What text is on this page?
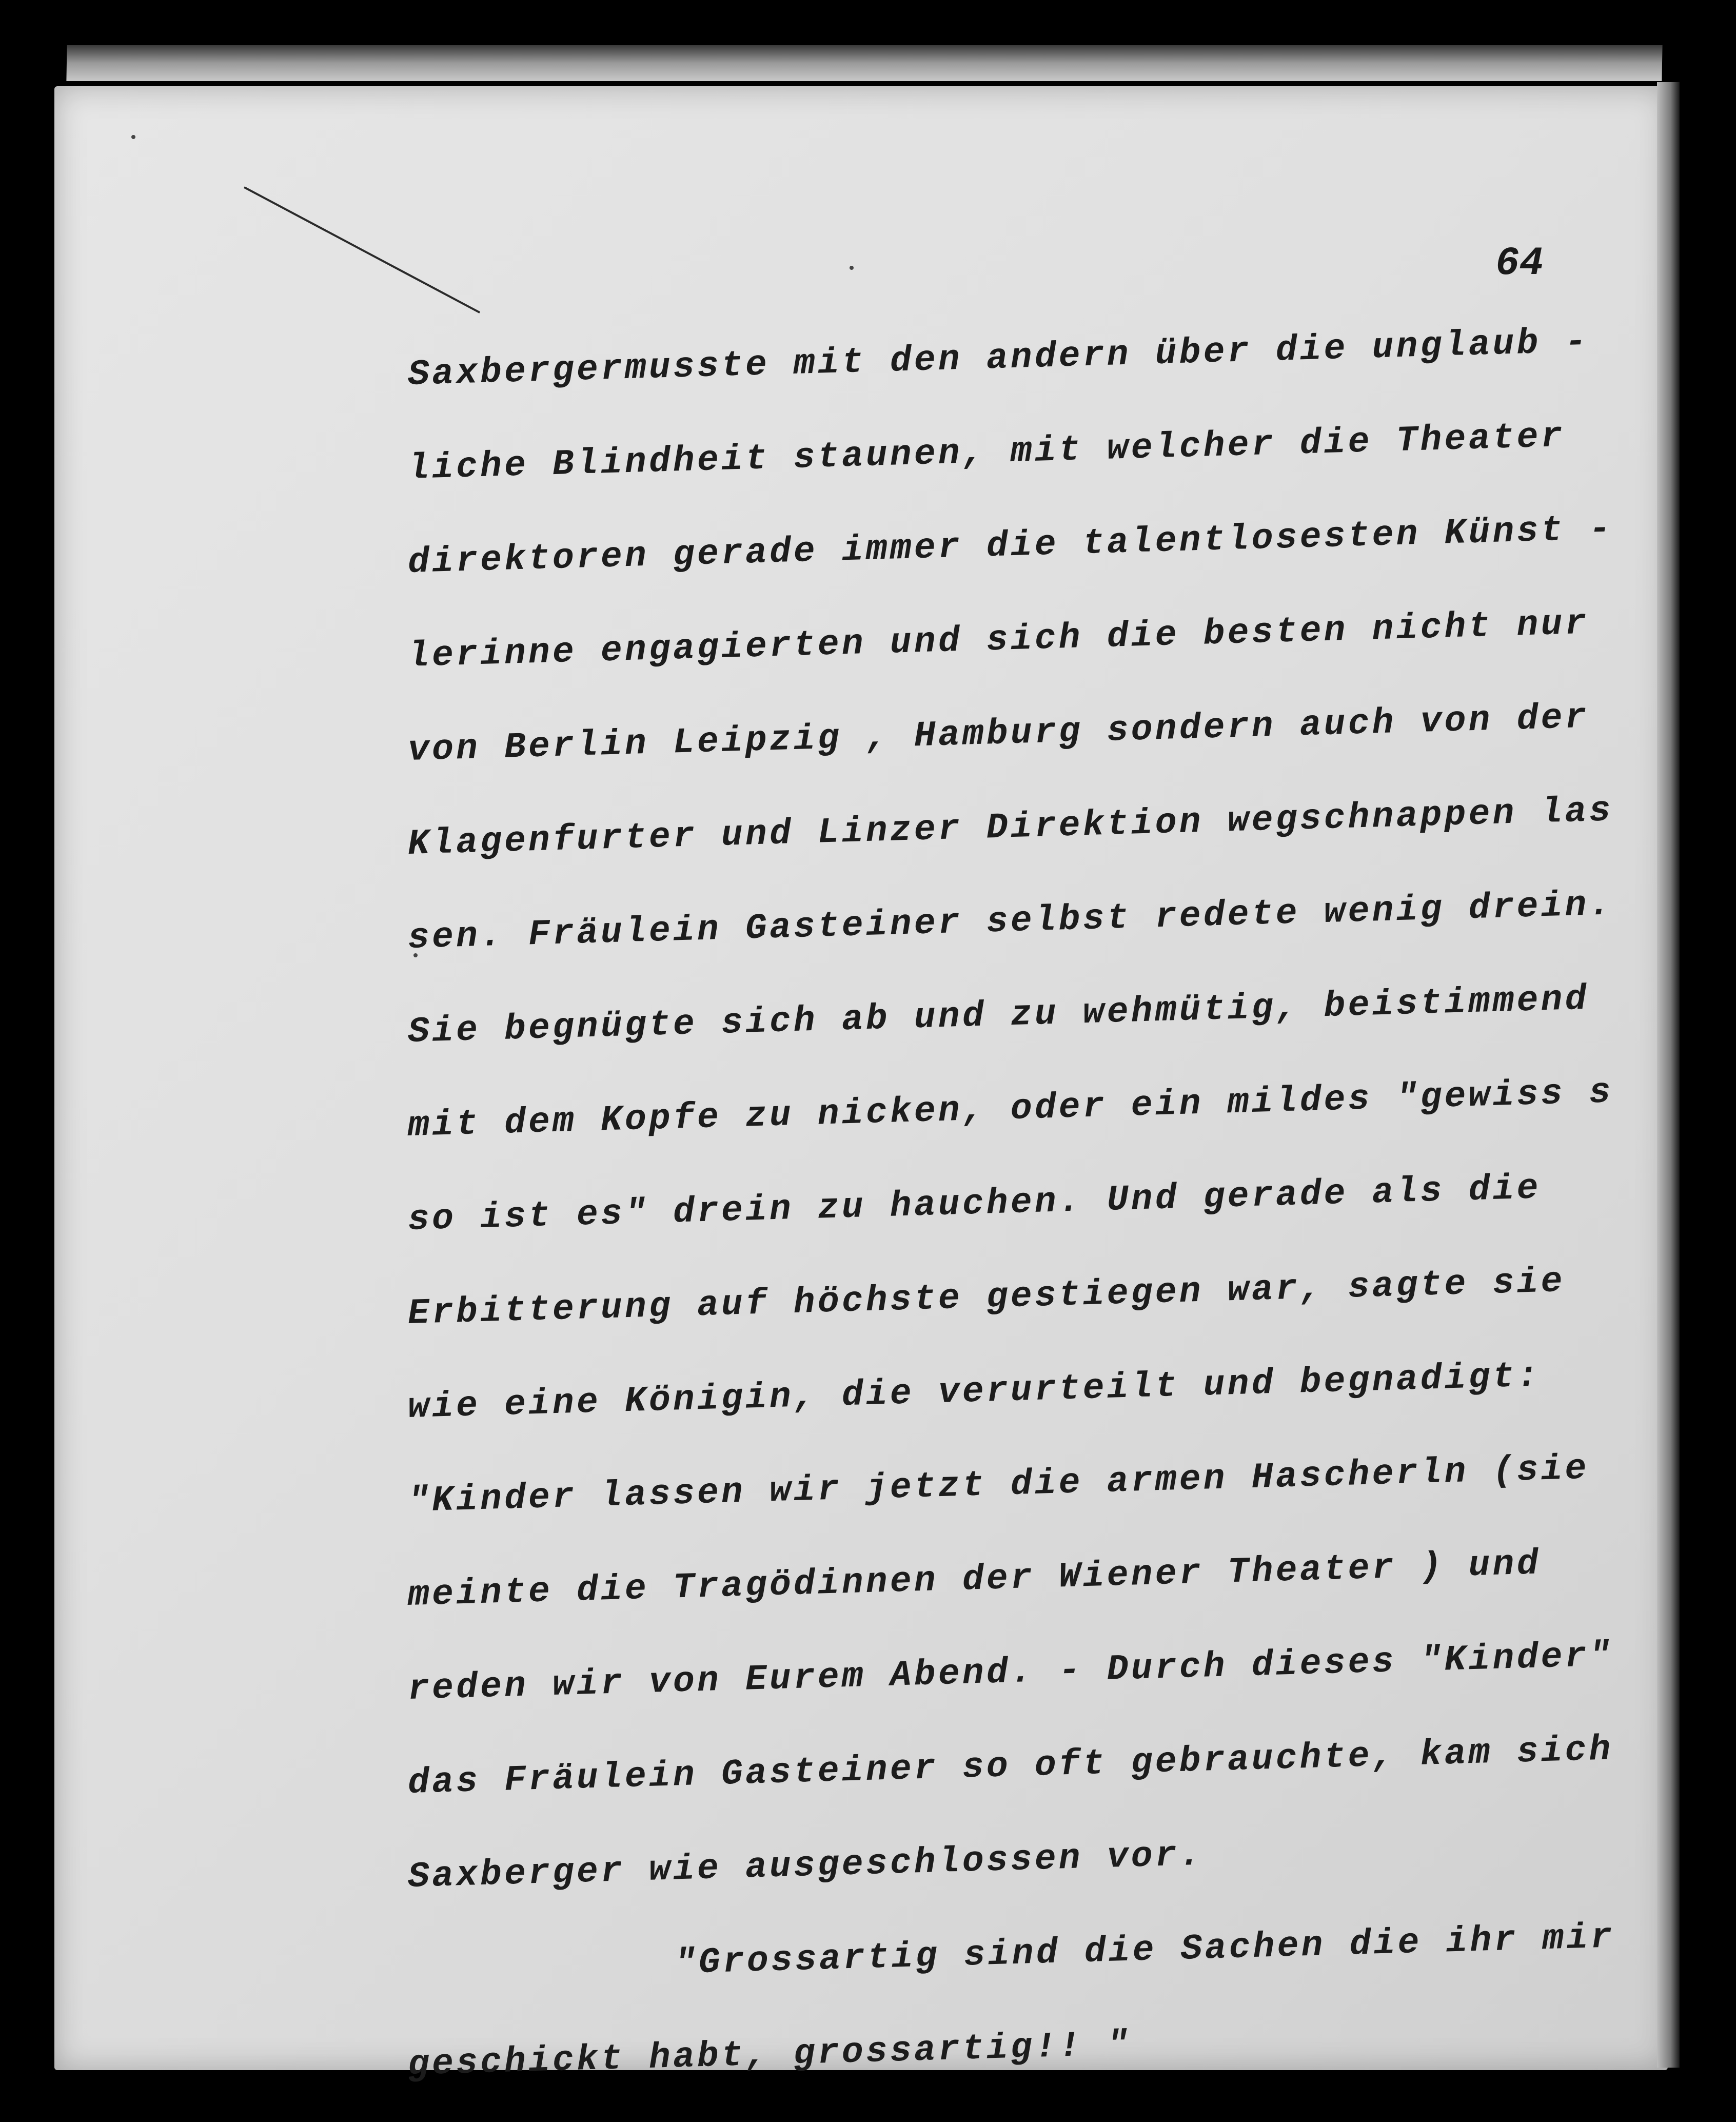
64
Saxbergermusste mit den andern über die unglaub -
liche Blindheit staunen, mit welcher die Theater
direktoren gerade immer die talentlosesten Künst -
lerinne engagierten und sich die besten nicht nur
von Berlin Leipzig , Hamburg sondern auch von der
Klagenfurter und Linzer Direktion wegschnappen las
sen. Fräulein Gasteiner selbst redete wenig drein.
Sie begnügte sich ab und zu wehmütig, beistimmend
mit dem Kopfe zu nicken, oder ein mildes "gewiss s
so ist es" drein zu hauchen. Und gerade als die
Erbitterung auf höchste gestiegen war, sagte sie
wie eine Königin, die verurteilt und begnadigt:
"Kinder lassen wir jetzt die armen Hascherln (sie
meinte die Tragödinnen der Wiener Theater ) und
reden wir von Eurem Abend. - Durch dieses "Kinder"
das Fräulein Gasteiner so oft gebrauchte, kam sich
Saxberger wie ausgeschlossen vor.
"Grossartig sind die Sachen die ihr mir
geschickt habt, grossartig!! "
